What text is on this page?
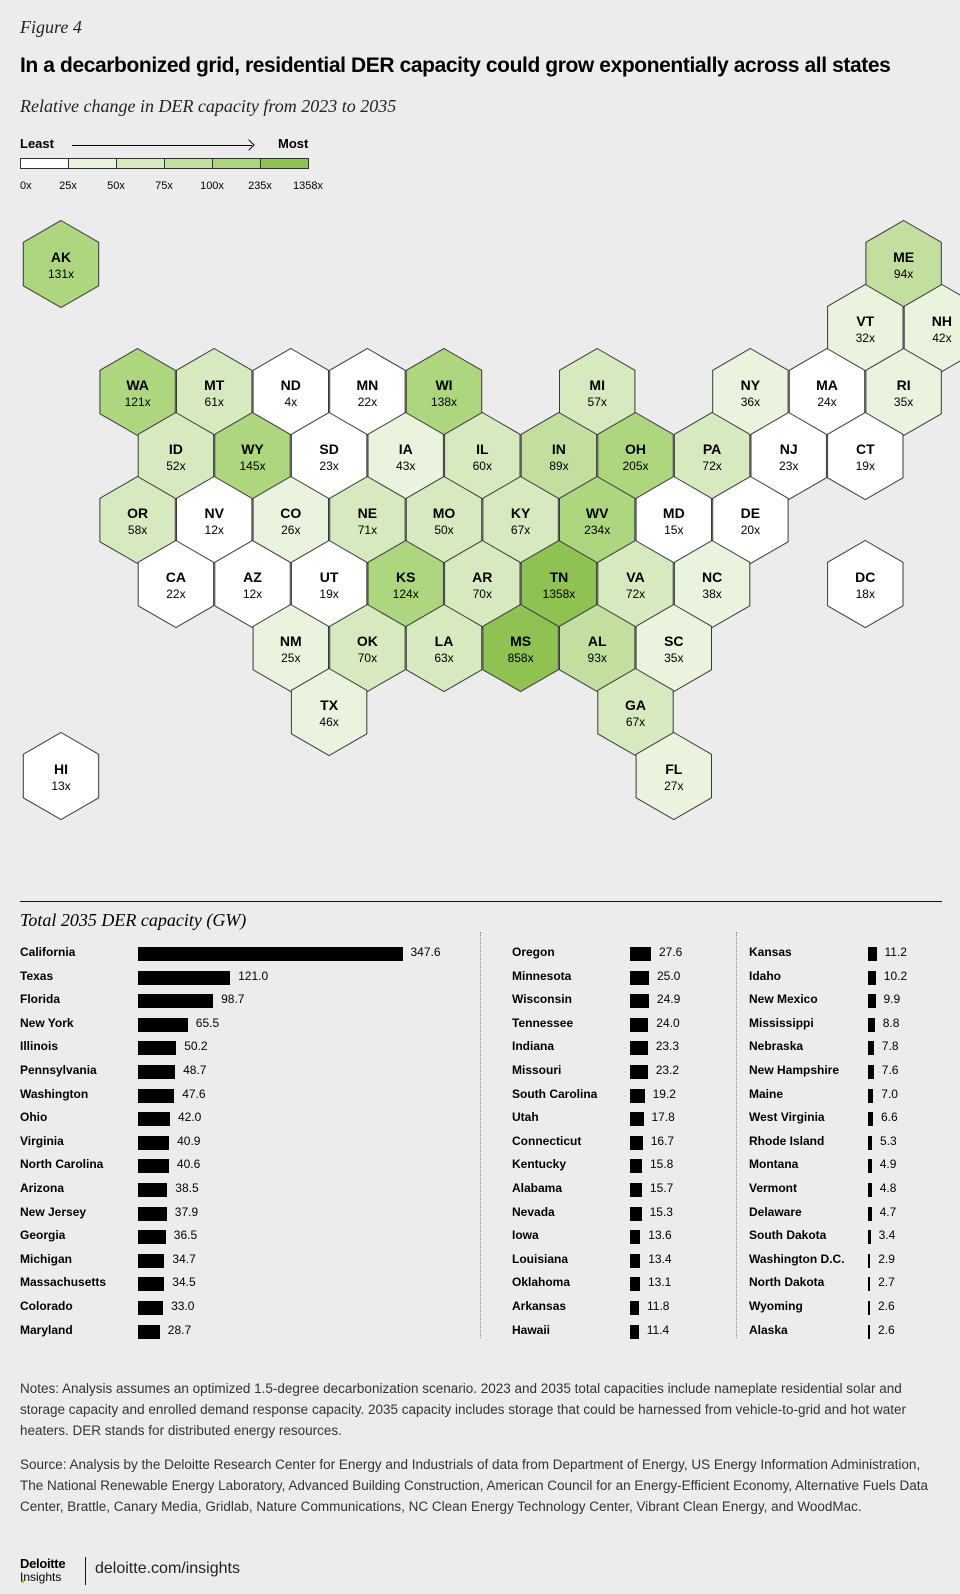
Figure 4
In a decarbonized grid, residential DER capacity could grow exponentially across all states
Relative change in DER capacity from 2023 to 2035
Least	Most
0x	25x	50x	75x 100x 235x 1358x
AK
131x
ME
94x
VT
32x
NH
42x
WA
121x
MT
61x
ND
4x
MN
22x
WI
138x
MI
57x
NY
36x
MA
24x
RI
35x
ID
52x
WY
145x
SD
23x
IA
43x
IL
60x
IN
89x
OH
205x
PA
72x
NJ
23x
CT
19x
OR
58x
NV
12x
CO
26x
NE
71x
MO
50x
KY
67x
WV
234x
MD
15x
DE
20x
CA
22x
AZ
12x
UT
19x
KS
124x
AR
70x
TN
1358x
VA
72x
NC
38x
DC
18x
NM
25x
OK
70x
LA
63x
MS
858x
AL
93x
SC
35x
TX
46x
GA
67x
HI
13x
FL
27x
Total 2035 DER capacity (GW)
California	347.6
Texas	121.0
Florida	98.7
New York	65.5
Illinois	50.2
Pennsylvania	48.7
Washington	47.6
Ohio	42.0
Virginia	40.9
North Carolina	40.6
Arizona	38.5
New Jersey	37.9
Georgia	36.5
Michigan	34.7
Massachusetts	34.5
Colorado	33.0
Maryland	28.7
Oregon	27.6
Minnesota	25.0
Wisconsin	24.9
Tennessee	24.0
Indiana	23.3
Missouri	23.2
South Carolina	19.2
Utah	17.8
Connecticut	16.7
Kentucky	15.8
Alabama	15.7
Nevada	15.3
Iowa	13.6
Louisiana	13.4
Oklahoma	13.1
Arkansas	11.8
Hawaii	11.4
Kansas	11.2
Idaho	10.2
New Mexico	9.9
Mississippi	8.8
Nebraska	7.8
New Hampshire	7.6
Maine	7.0
West Virginia	6.6
Rhode Island	5.3
Montana	4.9
Vermont	4.8
Delaware	4.7
South Dakota	3.4
Washington D.C.	2.9
North Dakota	2.7
Wyoming	2.6
Alaska	2.6
Notes: Analysis assumes an optimized 1.5-degree decarbonization scenario. 2023 and 2035 total capacities include nameplate residential solar and storage capacity and enrolled demand response capacity. 2035 capacity includes storage that could be harnessed from vehicle-to-grid and hot water heaters. DER stands for distributed energy resources.
Source: Analysis by the Deloitte Research Center for Energy and Industrials of data from Department of Energy, US Energy Information Administration, The National Renewable Energy Laboratory, Advanced Building Construction, American Council for an Energy-Efficient Economy, Alternative Fuels Data Center, Brattle, Canary Media, Gridlab, Nature Communications, NC Clean Energy Technology Center, Vibrant Clean Energy, and WoodMac.
Deloitte
Insights deloitte.com/insights
